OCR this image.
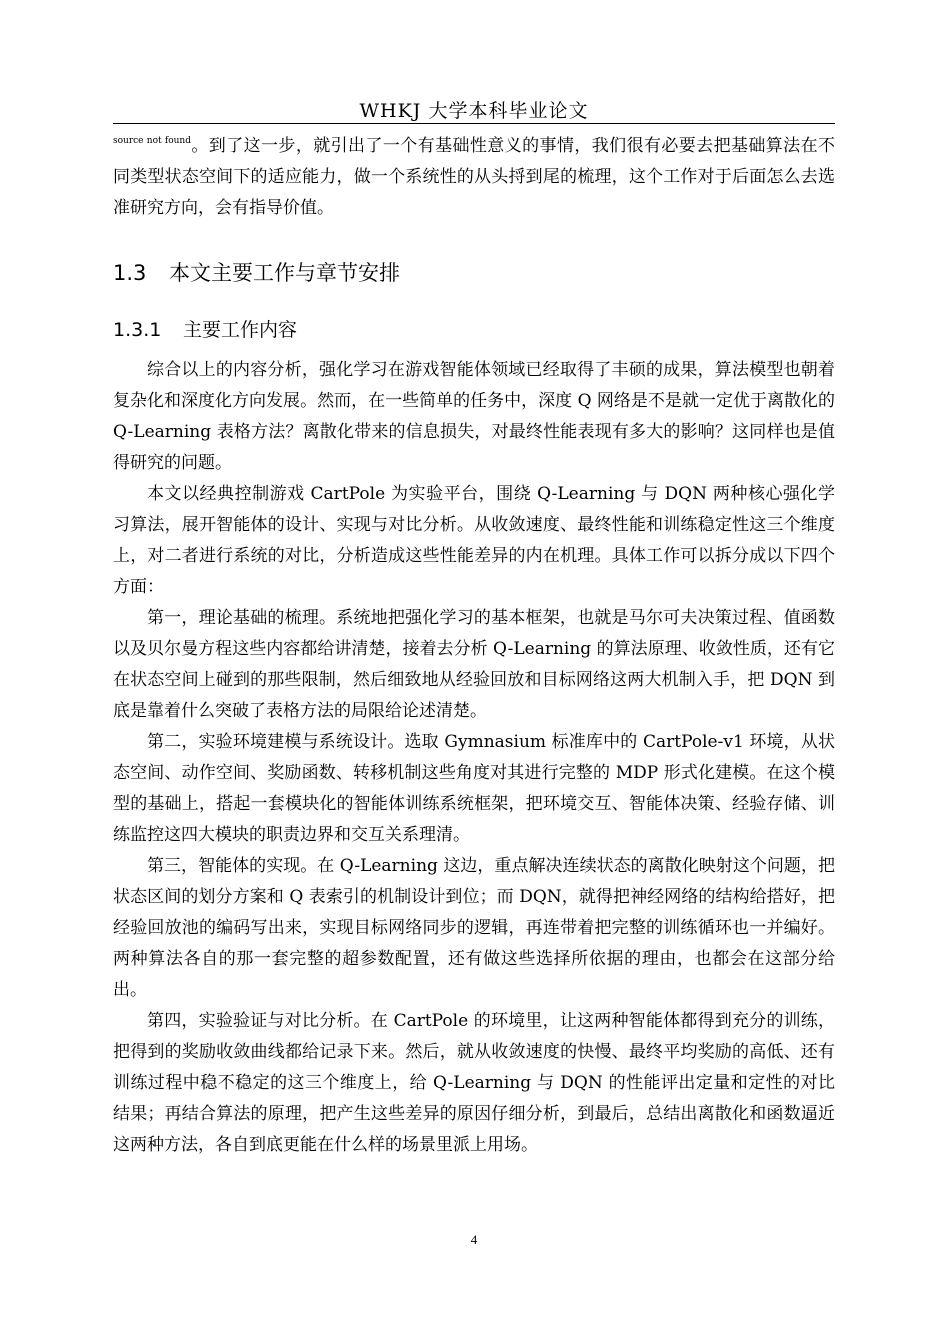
WHKJ 大学本科毕业论文
$^{source not found}$。到了这一步，就引出了一个有基础性意义的事情，我们很有必要去把基础算法在不同类型状态空间下的适应能力，做一个系统性的从头捋到尾的梳理，这个工作对于后面怎么去选准研究方向，会有指导价值。
1.3 本文主要工作与章节安排
1.3.1 主要工作内容

综合以上的内容分析，强化学习在游戏智能体领域已经取得了丰硕的成果，算法模型也朝着复杂化和深度化方向发展。然而，在一些简单的任务中，深度 Q 网络是不是就一定优于离散化的 Q-Learning 表格方法？离散化带来的信息损失，对最终性能表现有多大的影响？这同样也是值得研究的问题。

本文以经典控制游戏 CartPole 为实验平台，围绕 Q-Learning 与 DQN 两种核心强化学习算法，展开智能体的设计、实现与对比分析。从收敛速度、最终性能和训练稳定性这三个维度上，对二者进行系统的对比，分析造成这些性能差异的内在机理。具体工作可以拆分成以下四个方面：

第一，理论基础的梳理。系统地把强化学习的基本框架，也就是马尔可夫决策过程、值函数以及贝尔曼方程这些内容都给讲清楚，接着去分析 Q-Learning 的算法原理、收敛性质，还有它在状态空间上碰到的那些限制，然后细致地从经验回放和目标网络这两大机制入手，把 DQN 到底是靠着什么突破了表格方法的局限给论述清楚。

第二，实验环境建模与系统设计。选取 Gymnasium 标准库中的 CartPole-v1 环境，从状态空间、动作空间、奖励函数、转移机制这些角度对其进行完整的 MDP 形式化建模。在这个模型的基础上，搭起一套模块化的智能体训练系统框架，把环境交互、智能体决策、经验存储、训练监控这四大模块的职责边界和交互关系理清。

第三，智能体的实现。在 Q-Learning 这边，重点解决连续状态的离散化映射这个问题，把状态区间的划分方案和 Q 表索引的机制设计到位；而 DQN，就得把神经网络的结构给搭好，把经验回放池的编码写出来，实现目标网络同步的逻辑，再连带着把完整的训练循环也一并编好。两种算法各自的那一套完整的超参数配置，还有做这些选择所依据的理由，也都会在这部分给出。

第四，实验验证与对比分析。在 CartPole 的环境里，让这两种智能体都得到充分的训练，把得到的奖励收敛曲线都给记录下来。然后，就从收敛速度的快慢、最终平均奖励的高低、还有训练过程中稳不稳定的这三个维度上，给 Q-Learning 与 DQN 的性能评出定量和定性的对比结果；再结合算法的原理，把产生这些差异的原因仔细分析，到最后，总结出离散化和函数逼近这两种方法，各自到底更能在什么样的场景里派上用场。

4
